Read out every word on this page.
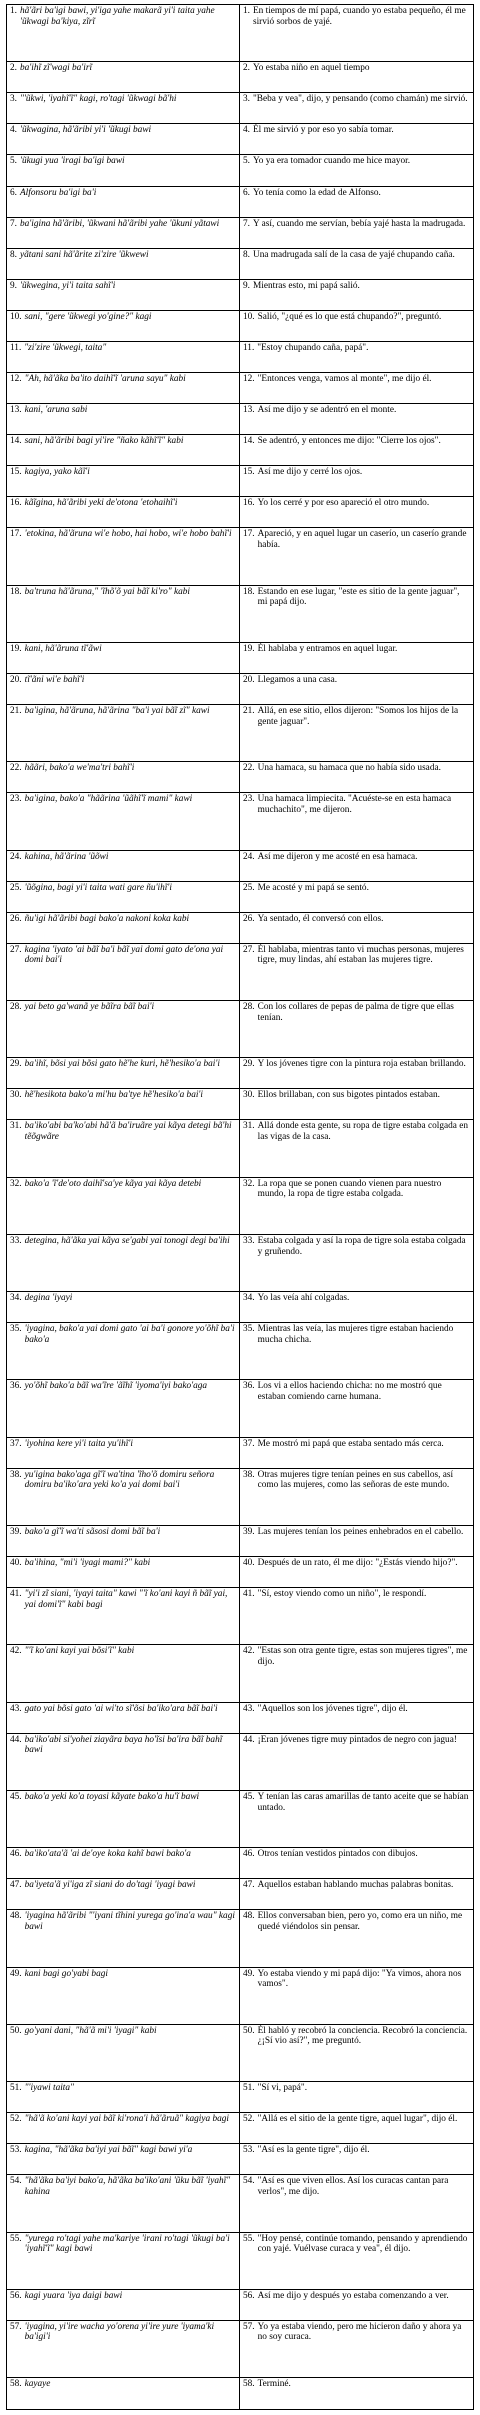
1. hã'ãri ba'igi bawi, yi'iga yahe makarã yi'i taita yahe 'ũkwagi ba'kiya, zĩrĩ	1. En tiempos de mí papá, cuando yo estaba pequeño, él me sirvió sorbos de yajé.

2. ba'ihĩ zĩ'wagi ba'irĩ	2. Yo estaba niño en aquel tiempo

3. "'ũkwi, 'iyahĩ'ĩ" kagi, ro'tagi 'ũkwagi bã'hi	3. "Beba y vea", dijo, y pensando (como chamán) me sirvió.

4. 'ũkwagina, hã'ãribi yi'i 'ũkugi bawi	4. Él me sirvió y por eso yo sabía tomar.

5. 'ũkugi yua 'iragi ba'igi bawi	5. Yo ya era tomador cuando me hice mayor.

6. Alfonsoru ba'igi ba'i	6. Yo tenía como la edad de Alfonso.

7. ba'igina hã'ãribi, 'ũkwani hã'ãribi yahe 'ũkuni yãtawi	7. Y así, cuando me servían, bebía yajé hasta la madrugada.

8. yãtani sani hã'ãrite zi'zire 'ũkwewi	8. Una madrugada salí de la casa de yajé chupando caña.

9. 'ũkwegina, yi'i taita sahĩ'i	9. Mientras esto, mi papá salió.

10. sani, "gere 'ũkwegi yo'gine?" kagi	10. Salió, "¿qué es lo que está chupando?", preguntó.

11. "zi'zire 'ũkwegi, taita"	11. "Estoy chupando caña, papá".

12. "Ah, hã'ãka ba'ito daihĩ'ĩ 'aruna sayu" kabi	12. "Entonces venga, vamos al monte", me dijo él.

13. kani, 'aruna sabi	13. Así me dijo y se adentró en el monte.

14. sani, hã'ãribi bagi yi'ire "ñako kãhĩ'ĩ" kabi	14. Se adentró, y entonces me dijo: "Cierre los ojos".

15. kagiya, yako kãĩ'i	15. Así me dijo y cerré los ojos.

16. kãĩgina, hã'ãribi yeki de'otona 'etohaihĩ'i	16. Yo los cerré y por eso apareció el otro mundo.

17. 'etokina, hã'ãruna wi'e hobo, hai hobo, wi'e hobo bahĩ'i	17. Apareció, y en aquel lugar un caserío, un caserío grande había.

18. ba'truna hã'ãruna," 'ĩhõ'õ yai bãĩ ki'ro" kabi	18. Estando en ese lugar, "este es sitio de la gente jaguar", mi papá dijo.

19. kani, hã'ãruna tĩ'ãwi	19. Él hablaba y entramos en aquel lugar.

20. tĩ'ãni wi'e bahĩ'i	20. Llegamos a una casa.

21. ba'igina, hã'ãruna, hã'ãrina "ba'i yai bãĩ zĩ" kawi	21. Allá, en ese sitio, ellos dijeron: "Somos los hijos de la gente jaguar".

22. hããri, bako'a we'ma'tri bahĩ'i	22. Una hamaca, su hamaca que no había sido usada.

23. ba'igina, bako'a "hããrina 'ũãhĩ'ĩ mami" kawi	23. Una hamaca limpiecita. "Acuéste-se en esta hamaca muchachito", me dijeron.

24. kahina, hã'ãrina 'ũõwi	24. Así me dijeron y me acosté en esa hamaca.

25. 'ũõgina, bagi yi'i taita wati gare ñu'ihĩ'i	25. Me acosté y mi papá se sentó.

26. ñu'igi hã'ãribi bagi bako'a nakoni koka kabi	26. Ya sentado, él conversó con ellos.

27. kagina 'iyato 'ai bãĩ ba'i bãĩ yai domi gato de'ona yai domi bai'i	27. Él hablaba, mientras tanto vi muchas personas, mujeres tigre, muy lindas, ahí estaban las mujeres tigre.

28. yai beto ga'wanã ye bãĩra bãĩ bai'i	28. Con los collares de pepas de palma de tigre que ellas tenían.

29. ba'ihĩ, bõsi yai bõsi gato hẽ'he kuri, hẽ'hesiko'a bai'i	29. Y los jóvenes tigre con la pintura roja estaban brillando.

30. hẽ'hesikota bako'a mi'hu ba'tye hẽ'hesiko'a bai'i	30. Ellos brillaban, con sus bigotes pintados estaban.

31. ba'iko'abi ba'ko'abi hã'ã ba'iruãre yai kãya detegi bã'hi tẽõgwãre	31. Allá donde esta gente, su ropa de tigre estaba colgada en las vigas de la casa.

32. bako'a 'ĩ'de'oto daihĩ'sa'ye kãya yai kãya detebi	32. La ropa que se ponen cuando vienen para nuestro mundo, la ropa de tigre estaba colgada.

33. detegina, hã'ãka yai kãya se'gabi yai tonogi degi ba'ihi	33. Estaba colgada y así la ropa de tigre sola estaba colgada y gruñendo.

34. degina 'iyayi	34. Yo las veía ahí colgadas.

35. 'iyagina, bako'a yai domi gato 'ai ba'i gonore yo'õhĩ ba'i bako'a	35. Mientras las veía, las mujeres tigre estaban haciendo mucha chicha.

36. yo'õhĩ bako'a bãĩ wa'ĩre 'ãĩhĩ 'iyoma'iyi bako'aga	36. Los vi a ellos haciendo chicha: no me mostró que estaban comiendo carne humana.

37. 'iyohina kere yi'i taita yu'ihĩ'i	37. Me mostró mi papá que estaba sentado más cerca.

38. yu'igina bako'aga gĩ'ĩ wa'tina 'ĩho'õ domiru señora domiru ba'iko'ara yeki ko'a yai domi bai'i	38. Otras mujeres tigre tenían peines en sus cabellos, así como las mujeres, como las señoras de este mundo.

39. bako'a gĩ'ĩ wa'ti sãsosi domi bãĩ ba'i	39. Las mujeres tenían los peines enhebrados en el cabello.

40. ba'ihina, "mi'i 'iyagi mami?" kabi	40. Después de un rato, él me dijo: "¿Estás viendo hijo?".

41. "yi'i zĩ siani, 'iyayi taita" kawi "'ĩ ko'ani kayi ñ bãĩ yai, yai domi'ĩ" kabi bagi	41. "Sí, estoy viendo como un niño", le respondí.

42. "'ĩ ko'ani kayi yai bõsi'ĩ" kabi	42. "Estas son otra gente tigre, estas son mujeres tigres", me dijo.

43. gato yai bõsi gato 'ai wi'to sĩ'õsi ba'iko'ara bãĩ bai'i	43. "Aquellos son los jóvenes tigre", dijo él.

44. ba'iko'abi si'yohei ziayãra baya ho'ĩsi ba'ira bãĩ bahĩ bawi	44. ¡Eran jóvenes tigre muy pintados de negro con jagua!

45. bako'a yeki ko'a toyasi kãyate bako'a hu'ĩ bawi	45. Y tenían las caras amarillas de tanto aceite que se habían untado.

46. ba'iko'ata'ã 'ai de'oye koka kahĩ bawi bako'a	46. Otros tenían vestidos pintados con dibujos.

47. ba'iyeta'ã yi'iga zĩ siani do do'tagi 'iyagi bawi	47. Aquellos estaban hablando muchas palabras bonitas.

48. 'iyagina hã'ãribi "'iyani tĩhini yurega go'ina'a wau" kagi bawi	48. Ellos conversaban bien, pero yo, como era un niño, me quedé viéndolos sin pensar.

49. kani bagi go'yabi bagi	49. Yo estaba viendo y mi papá dijo: "Ya vimos, ahora nos vamos".

50. go'yani dani, "hã'ã mi'i 'iyagi" kabi	50. Él habló y recobró la conciencia. Recobró la conciencia. ¿¡Sí vio así?", me preguntó.

51. "'iyawi taita"	51. "Sí vi, papá".

52. "hã'ã ko'ani kayi yai bãĩ ki'rona'i hã'ãruã" kagiya bagi	52. "Allá es el sitio de la gente tigre, aquel lugar", dijo él.

53. kagina, "hã'ãka ba'iyi yai bãĩ" kagi bawi yi'a	53. "Así es la gente tigre", dijo él.

54. "hã'ãka ba'iyi bako'a, hã'ãka ba'iko'ani 'ũku bãĩ 'iyahĩ" kahina	54. "Así es que viven ellos. Así los curacas cantan para verlos", me dijo.

55. "yurega ro'tagi yahe ma'kariye 'irani ro'tagi 'ũkugi ba'i 'iyahĩ'ĩ" kagi bawi	55. "Hoy pensé, continúe tomando, pensando y aprendiendo con yajé. Vuélvase curaca y vea", él dijo.

56. kagi yuara 'iya daigi bawi	56. Así me dijo y después yo estaba comenzando a ver.

57. 'iyagina, yi'ire wacha yo'orena yi'ire yure 'iyama'ki ba'igi'i	57. Yo ya estaba viendo, pero me hicieron daño y ahora ya no soy curaca.

58. kayaye	58. Terminé.
